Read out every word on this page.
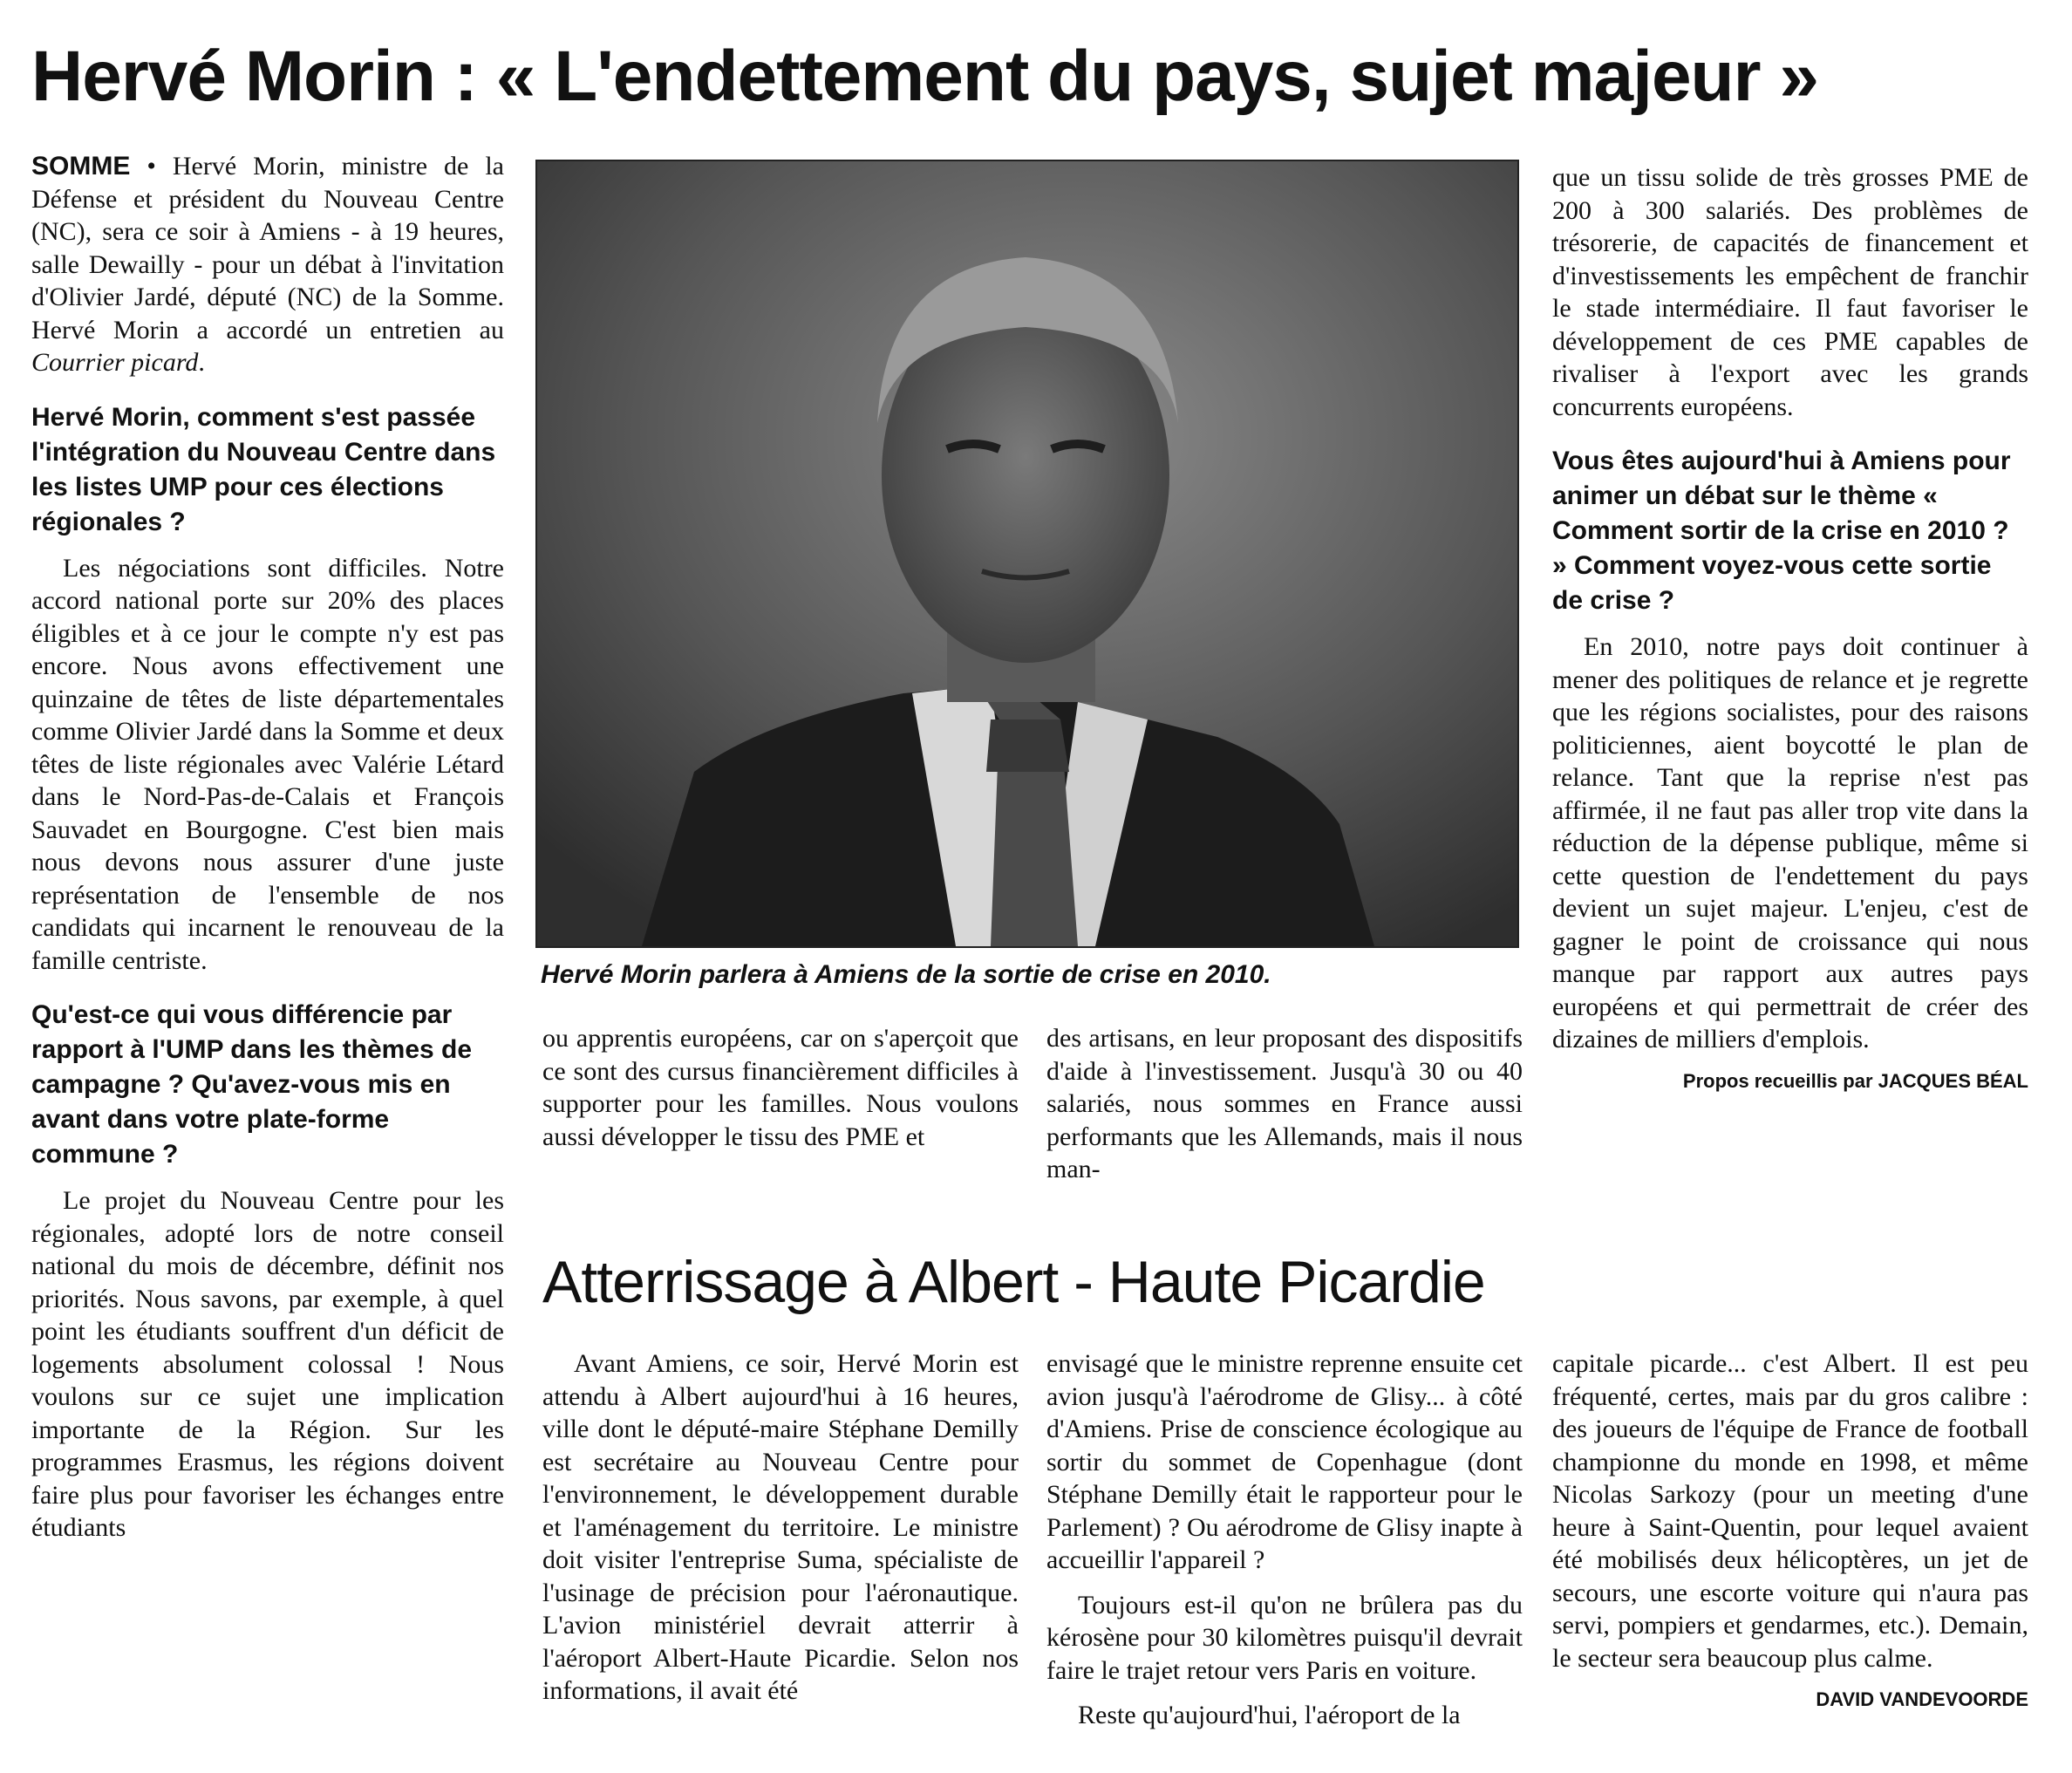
Hervé Morin : « L'endettement du pays, sujet majeur »

SOMME • Hervé Morin, ministre de la Défense et président du Nouveau Centre (NC), sera ce soir à Amiens - à 19 heures, salle Dewailly - pour un débat à l'invitation d'Olivier Jardé, député (NC) de la Somme. Hervé Morin a accordé un entretien au Courrier picard.

Hervé Morin, comment s'est passée l'intégration du Nouveau Centre dans les listes UMP pour ces élections régionales ?

Les négociations sont difficiles. Notre accord national porte sur 20% des places éligibles et à ce jour le compte n'y est pas encore. Nous avons effectivement une quinzaine de têtes de liste départementales comme Olivier Jardé dans la Somme et deux têtes de liste régionales avec Valérie Létard dans le Nord-Pas-de-Calais et François Sauvadet en Bourgogne. C'est bien mais nous devons nous assurer d'une juste représentation de l'ensemble de nos candidats qui incarnent le renouveau de la famille centriste.

Qu'est-ce qui vous différencie par rapport à l'UMP dans les thèmes de campagne ? Qu'avez-vous mis en avant dans votre plate-forme commune ?

Le projet du Nouveau Centre pour les régionales, adopté lors de notre conseil national du mois de décembre, définit nos priorités. Nous savons, par exemple, à quel point les étudiants souffrent d'un déficit de logements absolument colossal ! Nous voulons sur ce sujet une implication importante de la Région. Sur les programmes Erasmus, les régions doivent faire plus pour favoriser les échanges entre étudiants

Hervé Morin parlera à Amiens de la sortie de crise en 2010.

ou apprentis européens, car on s'aperçoit que ce sont des cursus financièrement difficiles à supporter pour les familles. Nous voulons aussi développer le tissu des PME et

des artisans, en leur proposant des dispositifs d'aide à l'investissement. Jusqu'à 30 ou 40 salariés, nous sommes en France aussi performants que les Allemands, mais il nous man-

que un tissu solide de très grosses PME de 200 à 300 salariés. Des problèmes de trésorerie, de capacités de financement et d'investissements les empêchent de franchir le stade intermédiaire. Il faut favoriser le développement de ces PME capables de rivaliser à l'export avec les grands concurrents européens.

Vous êtes aujourd'hui à Amiens pour animer un débat sur le thème « Comment sortir de la crise en 2010 ? » Comment voyez-vous cette sortie de crise ?

En 2010, notre pays doit continuer à mener des politiques de relance et je regrette que les régions socialistes, pour des raisons politiciennes, aient boycotté le plan de relance. Tant que la reprise n'est pas affirmée, il ne faut pas aller trop vite dans la réduction de la dépense publique, même si cette question de l'endettement du pays devient un sujet majeur. L'enjeu, c'est de gagner le point de croissance qui nous manque par rapport aux autres pays européens et qui permettrait de créer des dizaines de milliers d'emplois.

Propos recueillis par JACQUES BÉAL
Atterrissage à Albert - Haute Picardie

Avant Amiens, ce soir, Hervé Morin est attendu à Albert aujourd'hui à 16 heures, ville dont le député-maire Stéphane Demilly est secrétaire au Nouveau Centre pour l'environnement, le développement durable et l'aménagement du territoire. Le ministre doit visiter l'entreprise Suma, spécialiste de l'usinage de précision pour l'aéronautique. L'avion ministériel devrait atterrir à l'aéroport Albert-Haute Picardie. Selon nos informations, il avait été

envisagé que le ministre reprenne ensuite cet avion jusqu'à l'aérodrome de Glisy... à côté d'Amiens. Prise de conscience écologique au sortir du sommet de Copenhague (dont Stéphane Demilly était le rapporteur pour le Parlement) ? Ou aérodrome de Glisy inapte à accueillir l'appareil ?

Toujours est-il qu'on ne brûlera pas du kérosène pour 30 kilomètres puisqu'il devrait faire le trajet retour vers Paris en voiture.

Reste qu'aujourd'hui, l'aéroport de la

capitale picarde... c'est Albert. Il est peu fréquenté, certes, mais par du gros calibre : des joueurs de l'équipe de France de football championne du monde en 1998, et même Nicolas Sarkozy (pour un meeting d'une heure à Saint-Quentin, pour lequel avaient été mobilisés deux hélicoptères, un jet de secours, une escorte voiture qui n'aura pas servi, pompiers et gendarmes, etc.). Demain, le secteur sera beaucoup plus calme.

DAVID VANDEVOORDE
